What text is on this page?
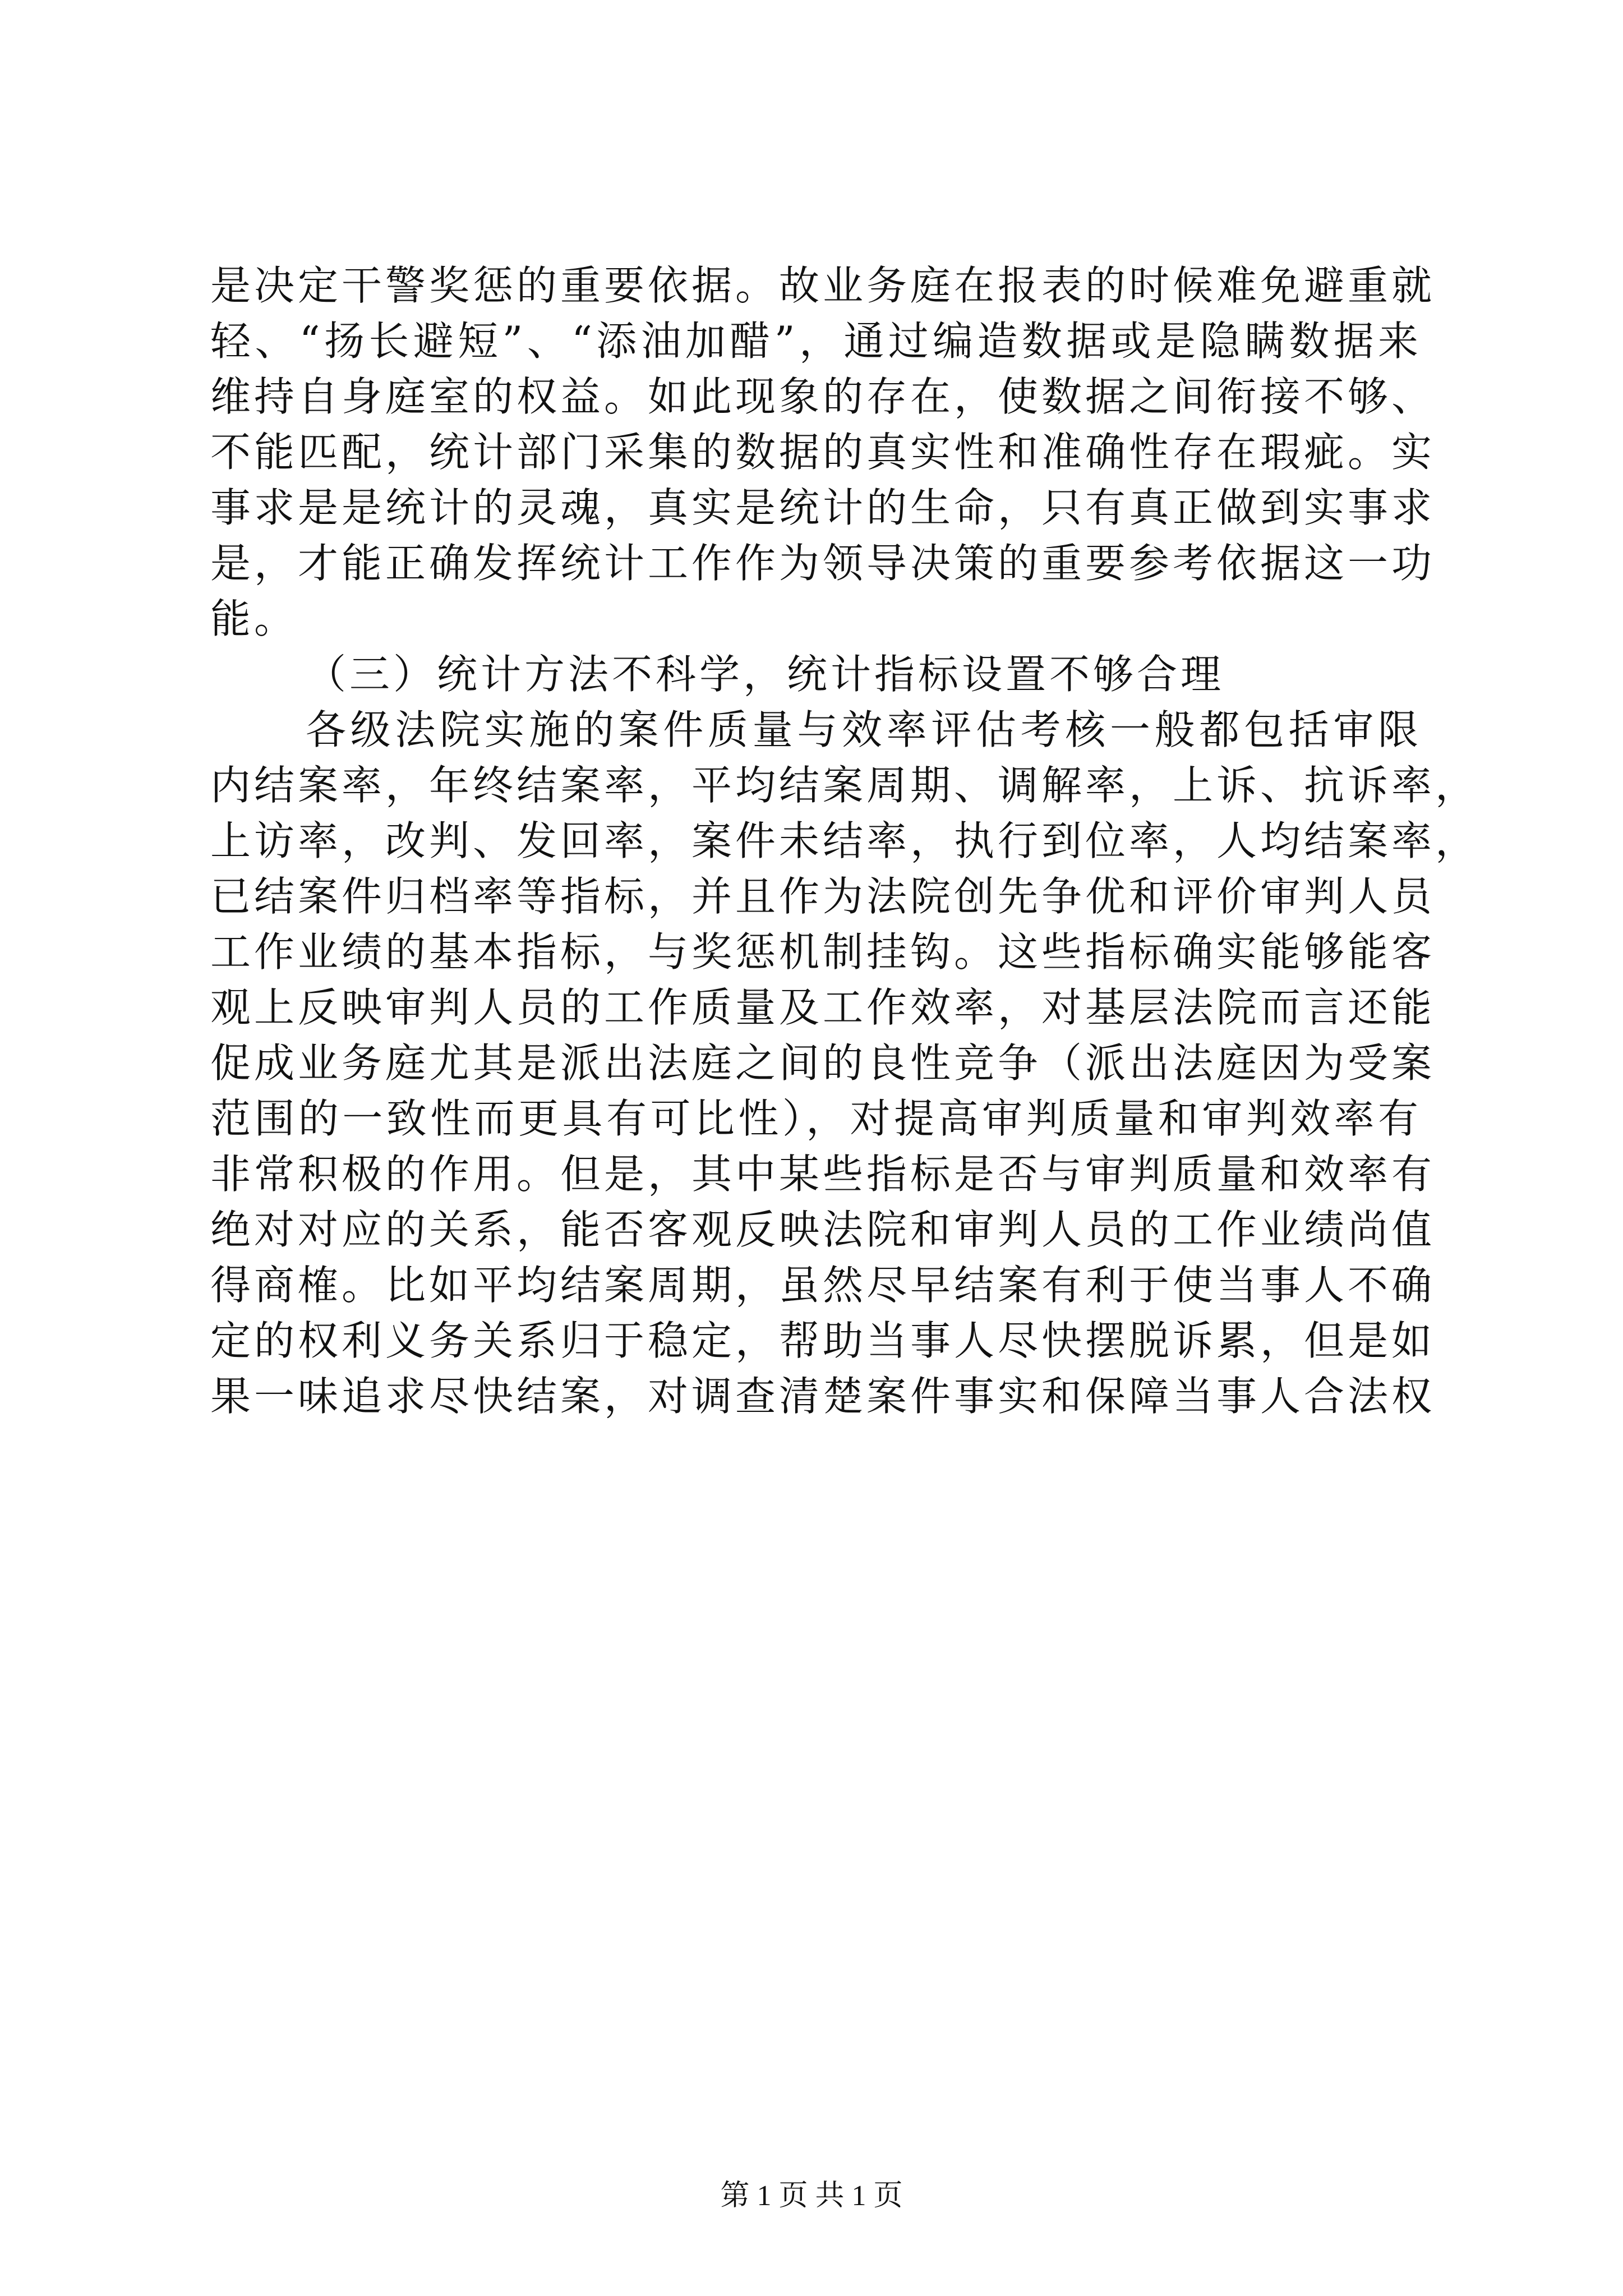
是决定干警奖惩的重要依据。故业务庭在报表的时候难免避重就
轻、“扬长避短”、“添油加醋”，通过编造数据或是隐瞒数据来
维持自身庭室的权益。如此现象的存在，使数据之间衔接不够、
不能匹配，统计部门采集的数据的真实性和准确性存在瑕疵。实
事求是是统计的灵魂，真实是统计的生命，只有真正做到实事求
是，才能正确发挥统计工作作为领导决策的重要参考依据这一功
能。
（三）统计方法不科学，统计指标设置不够合理
各级法院实施的案件质量与效率评估考核一般都包括审限
内结案率，年终结案率，平均结案周期、调解率，上诉、抗诉率，
上访率，改判、发回率，案件未结率，执行到位率，人均结案率，
已结案件归档率等指标，并且作为法院创先争优和评价审判人员
工作业绩的基本指标，与奖惩机制挂钩。这些指标确实能够能客
观上反映审判人员的工作质量及工作效率，对基层法院而言还能
促成业务庭尤其是派出法庭之间的良性竞争（派出法庭因为受案
范围的一致性而更具有可比性），对提高审判质量和审判效率有
非常积极的作用。但是，其中某些指标是否与审判质量和效率有
绝对对应的关系，能否客观反映法院和审判人员的工作业绩尚值
得商榷。比如平均结案周期，虽然尽早结案有利于使当事人不确
定的权利义务关系归于稳定，帮助当事人尽快摆脱诉累，但是如
果一味追求尽快结案，对调查清楚案件事实和保障当事人合法权
第 1 页 共 1 页
